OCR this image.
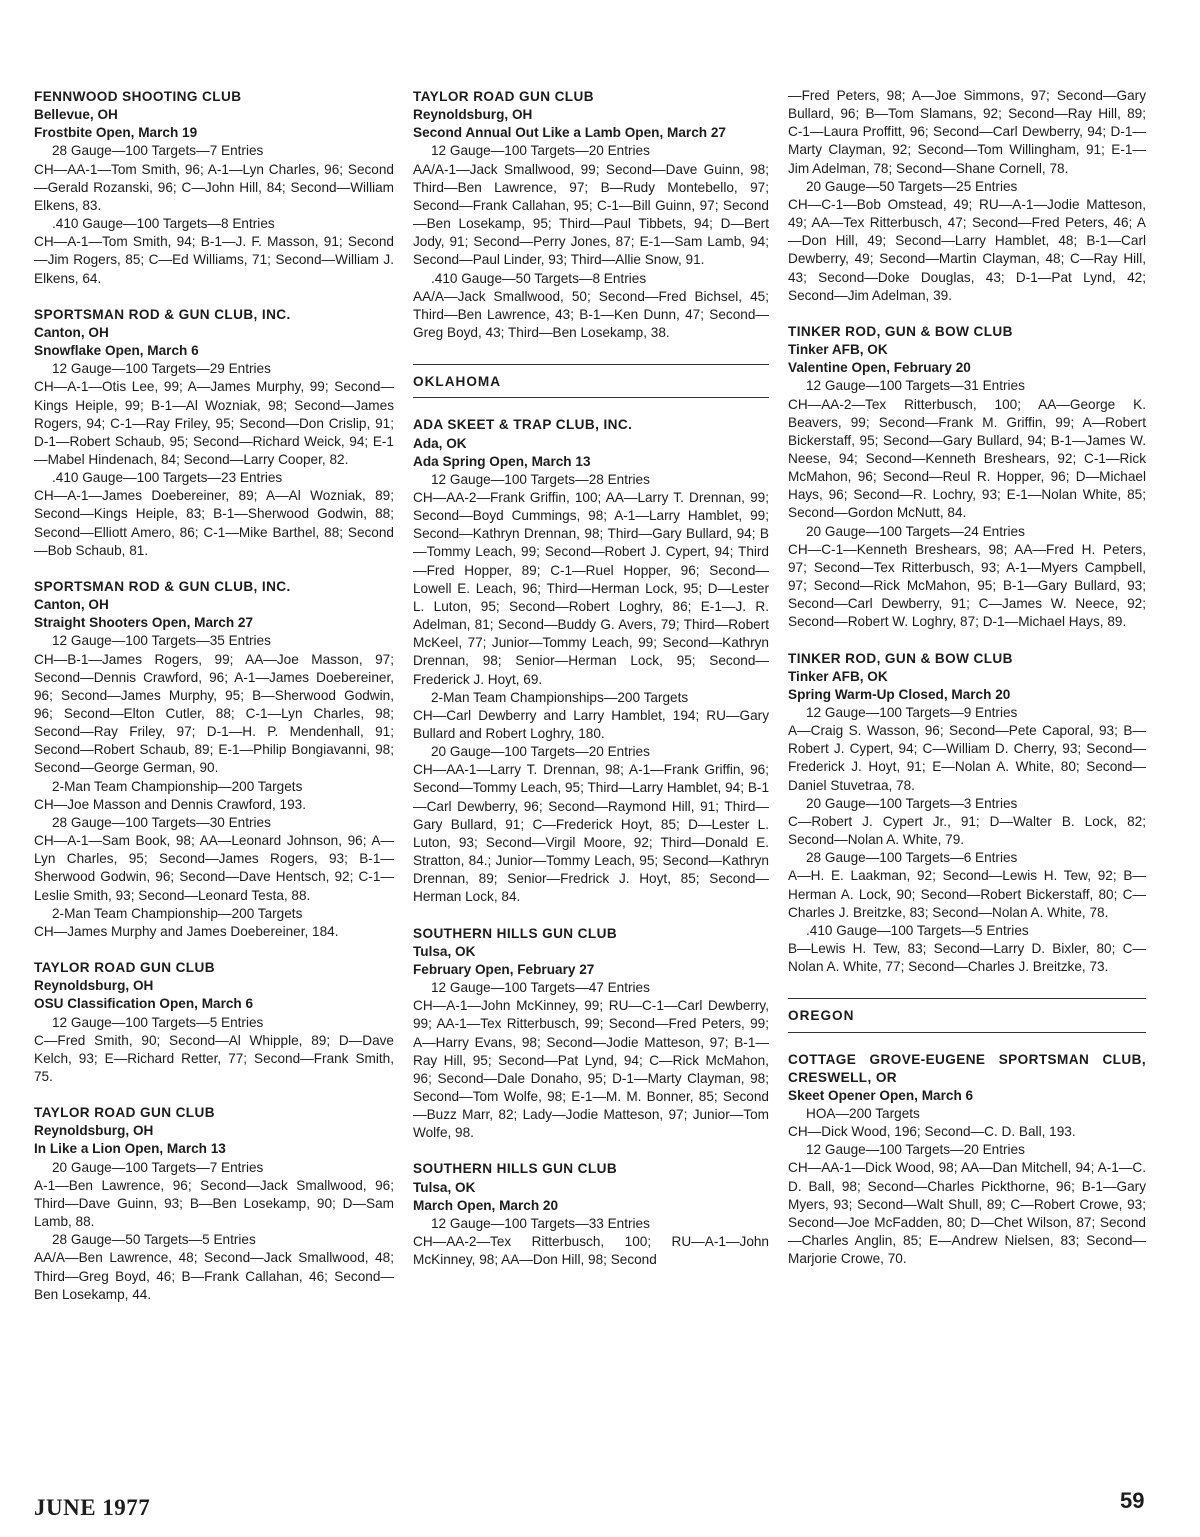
FENNWOOD SHOOTING CLUB
Bellevue, OH
Frostbite Open, March 19
28 Gauge—100 Targets—7 Entries
CH—AA-1—Tom Smith, 96; A-1—Lyn Charles, 96; Second—Gerald Rozanski, 96; C—John Hill, 84; Second—William Elkens, 83.
.410 Gauge—100 Targets—8 Entries
CH—A-1—Tom Smith, 94; B-1—J. F. Masson, 91; Second—Jim Rogers, 85; C—Ed Williams, 71; Second—William J. Elkens, 64.
SPORTSMAN ROD & GUN CLUB, INC.
Canton, OH
Snowflake Open, March 6
12 Gauge—100 Targets—29 Entries
CH—A-1—Otis Lee, 99; A—James Murphy, 99; Second—Kings Heiple, 99; B-1—Al Wozniak, 98; Second—James Rogers, 94; C-1—Ray Friley, 95; Second—Don Crislip, 91; D-1—Robert Schaub, 95; Second—Richard Weick, 94; E-1—Mabel Hindenach, 84; Second—Larry Cooper, 82.
.410 Gauge—100 Targets—23 Entries
CH—A-1—James Doebereiner, 89; A—Al Wozniak, 89; Second—Kings Heiple, 83; B-1—Sherwood Godwin, 88; Second—Elliott Amero, 86; C-1—Mike Barthel, 88; Second—Bob Schaub, 81.
SPORTSMAN ROD & GUN CLUB, INC.
Canton, OH
Straight Shooters Open, March 27
12 Gauge—100 Targets—35 Entries
CH—B-1—James Rogers, 99; AA—Joe Masson, 97; Second—Dennis Crawford, 96; A-1—James Doebereiner, 96; Second—James Murphy, 95; B—Sherwood Godwin, 96; Second—Elton Cutler, 88; C-1—Lyn Charles, 98; Second—Ray Friley, 97; D-1—H. P. Mendenhall, 91; Second—Robert Schaub, 89; E-1—Philip Bongiavanni, 98; Second—George German, 90.
2-Man Team Championship—200 Targets
CH—Joe Masson and Dennis Crawford, 193.
28 Gauge—100 Targets—30 Entries
CH—A-1—Sam Book, 98; AA—Leonard Johnson, 96; A—Lyn Charles, 95; Second—James Rogers, 93; B-1—Sherwood Godwin, 96; Second—Dave Hentsch, 92; C-1—Leslie Smith, 93; Second—Leonard Testa, 88.
2-Man Team Championship—200 Targets
CH—James Murphy and James Doebereiner, 184.
TAYLOR ROAD GUN CLUB
Reynoldsburg, OH
OSU Classification Open, March 6
12 Gauge—100 Targets—5 Entries
C—Fred Smith, 90; Second—Al Whipple, 89; D—Dave Kelch, 93; E—Richard Retter, 77; Second—Frank Smith, 75.
TAYLOR ROAD GUN CLUB
Reynoldsburg, OH
In Like a Lion Open, March 13
20 Gauge—100 Targets—7 Entries
A-1—Ben Lawrence, 96; Second—Jack Smallwood, 96; Third—Dave Guinn, 93; B—Ben Losekamp, 90; D—Sam Lamb, 88.
28 Gauge—50 Targets—5 Entries
AA/A—Ben Lawrence, 48; Second—Jack Smallwood, 48; Third—Greg Boyd, 46; B—Frank Callahan, 46; Second—Ben Losekamp, 44.
TAYLOR ROAD GUN CLUB
Reynoldsburg, OH
Second Annual Out Like a Lamb Open, March 27
12 Gauge—100 Targets—20 Entries
AA/A-1—Jack Smallwood, 99; Second—Dave Guinn, 98; Third—Ben Lawrence, 97; B—Rudy Montebello, 97; Second—Frank Callahan, 95; C-1—Bill Guinn, 97; Second—Ben Losekamp, 95; Third—Paul Tibbets, 94; D—Bert Jody, 91; Second—Perry Jones, 87; E-1—Sam Lamb, 94; Second—Paul Linder, 93; Third—Allie Snow, 91.
.410 Gauge—50 Targets—8 Entries
AA/A—Jack Smallwood, 50; Second—Fred Bichsel, 45; Third—Ben Lawrence, 43; B-1—Ken Dunn, 47; Second—Greg Boyd, 43; Third—Ben Losekamp, 38.
OKLAHOMA
ADA SKEET & TRAP CLUB, INC.
Ada, OK
Ada Spring Open, March 13
12 Gauge—100 Targets—28 Entries
CH—AA-2—Frank Griffin, 100; AA—Larry T. Drennan, 99; Second—Boyd Cummings, 98; A-1—Larry Hamblet, 99; Second—Kathryn Drennan, 98; Third—Gary Bullard, 94; B—Tommy Leach, 99; Second—Robert J. Cypert, 94; Third—Fred Hopper, 89; C-1—Ruel Hopper, 96; Second—Lowell E. Leach, 96; Third—Herman Lock, 95; D—Lester L. Luton, 95; Second—Robert Loghry, 86; E-1—J. R. Adelman, 81; Second—Buddy G. Avers, 79; Third—Robert McKeel, 77; Junior—Tommy Leach, 99; Second—Kathryn Drennan, 98; Senior—Herman Lock, 95; Second—Frederick J. Hoyt, 69.
2-Man Team Championships—200 Targets
CH—Carl Dewberry and Larry Hamblet, 194; RU—Gary Bullard and Robert Loghry, 180.
20 Gauge—100 Targets—20 Entries
CH—AA-1—Larry T. Drennan, 98; A-1—Frank Griffin, 96; Second—Tommy Leach, 95; Third—Larry Hamblet, 94; B-1—Carl Dewberry, 96; Second—Raymond Hill, 91; Third—Gary Bullard, 91; C—Frederick Hoyt, 85; D—Lester L. Luton, 93; Second—Virgil Moore, 92; Third—Donald E. Stratton, 84.; Junior—Tommy Leach, 95; Second—Kathryn Drennan, 89; Senior—Fredrick J. Hoyt, 85; Second—Herman Lock, 84.
SOUTHERN HILLS GUN CLUB
Tulsa, OK
February Open, February 27
12 Gauge—100 Targets—47 Entries
CH—A-1—John McKinney, 99; RU—C-1—Carl Dewberry, 99; AA-1—Tex Ritterbusch, 99; Second—Fred Peters, 99; A—Harry Evans, 98; Second—Jodie Matteson, 97; B-1—Ray Hill, 95; Second—Pat Lynd, 94; C—Rick McMahon, 96; Second—Dale Donaho, 95; D-1—Marty Clayman, 98; Second—Tom Wolfe, 98; E-1—M. M. Bonner, 85; Second—Buzz Marr, 82; Lady—Jodie Matteson, 97; Junior—Tom Wolfe, 98.
SOUTHERN HILLS GUN CLUB
Tulsa, OK
March Open, March 20
12 Gauge—100 Targets—33 Entries
CH—AA-2—Tex Ritterbusch, 100; RU—A-1—John McKinney, 98; AA—Don Hill, 98; Second
—Fred Peters, 98; A—Joe Simmons, 97; Second—Gary Bullard, 96; B—Tom Slamans, 92; Second—Ray Hill, 89; C-1—Laura Proffitt, 96; Second—Carl Dewberry, 94; D-1—Marty Clayman, 92; Second—Tom Willingham, 91; E-1—Jim Adelman, 78; Second—Shane Cornell, 78.
20 Gauge—50 Targets—25 Entries
CH—C-1—Bob Omstead, 49; RU—A-1—Jodie Matteson, 49; AA—Tex Ritterbusch, 47; Second—Fred Peters, 46; A—Don Hill, 49; Second—Larry Hamblet, 48; B-1—Carl Dewberry, 49; Second—Martin Clayman, 48; C—Ray Hill, 43; Second—Doke Douglas, 43; D-1—Pat Lynd, 42; Second—Jim Adelman, 39.
TINKER ROD, GUN & BOW CLUB
Tinker AFB, OK
Valentine Open, February 20
12 Gauge—100 Targets—31 Entries
CH—AA-2—Tex Ritterbusch, 100; AA—George K. Beavers, 99; Second—Frank M. Griffin, 99; A—Robert Bickerstaff, 95; Second—Gary Bullard, 94; B-1—James W. Neese, 94; Second—Kenneth Breshears, 92; C-1—Rick McMahon, 96; Second—Reul R. Hopper, 96; D—Michael Hays, 96; Second—R. Lochry, 93; E-1—Nolan White, 85; Second—Gordon McNutt, 84.
20 Gauge—100 Targets—24 Entries
CH—C-1—Kenneth Breshears, 98; AA—Fred H. Peters, 97; Second—Tex Ritterbusch, 93; A-1—Myers Campbell, 97; Second—Rick McMahon, 95; B-1—Gary Bullard, 93; Second—Carl Dewberry, 91; C—James W. Neece, 92; Second—Robert W. Loghry, 87; D-1—Michael Hays, 89.
TINKER ROD, GUN & BOW CLUB
Tinker AFB, OK
Spring Warm-Up Closed, March 20
12 Gauge—100 Targets—9 Entries
A—Craig S. Wasson, 96; Second—Pete Caporal, 93; B—Robert J. Cypert, 94; C—William D. Cherry, 93; Second—Frederick J. Hoyt, 91; E—Nolan A. White, 80; Second—Daniel Stuvetraa, 78.
20 Gauge—100 Targets—3 Entries
C—Robert J. Cypert Jr., 91; D—Walter B. Lock, 82; Second—Nolan A. White, 79.
28 Gauge—100 Targets—6 Entries
A—H. E. Laakman, 92; Second—Lewis H. Tew, 92; B—Herman A. Lock, 90; Second—Robert Bickerstaff, 80; C—Charles J. Breitzke, 83; Second—Nolan A. White, 78.
.410 Gauge—100 Targets—5 Entries
B—Lewis H. Tew, 83; Second—Larry D. Bixler, 80; C—Nolan A. White, 77; Second—Charles J. Breitzke, 73.
OREGON
COTTAGE GROVE-EUGENE SPORTSMAN CLUB, CRESWELL, OR
Skeet Opener Open, March 6
HOA—200 Targets
CH—Dick Wood, 196; Second—C. D. Ball, 193.
12 Gauge—100 Targets—20 Entries
CH—AA-1—Dick Wood, 98; AA—Dan Mitchell, 94; A-1—C. D. Ball, 98; Second—Charles Pickthorne, 96; B-1—Gary Myers, 93; Second—Walt Shull, 89; C—Robert Crowe, 93; Second—Joe McFadden, 80; D—Chet Wilson, 87; Second—Charles Anglin, 85; E—Andrew Nielsen, 83; Second—Marjorie Crowe, 70.
JUNE 1977	59
